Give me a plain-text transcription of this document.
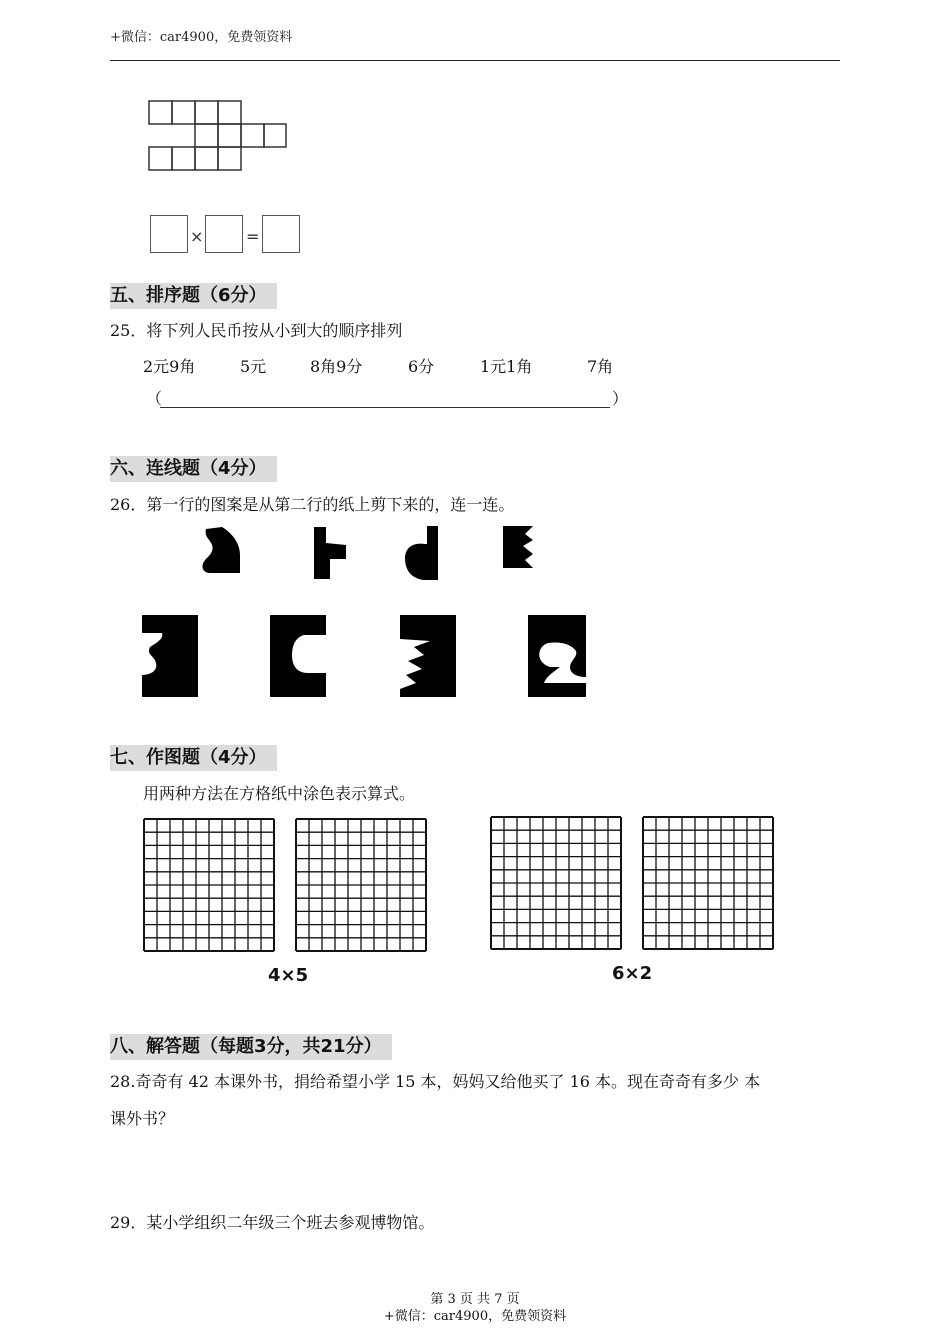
+微信：car4900，免费领资料
×	=
五、排序题（6分）
25．将下列人民币按从小到大的顺序排列
2元9角	5元	8角9分	6分	1元1角	7角
（	）
六、连线题（4分）
26．第一行的图案是从第二行的纸上剪下来的，连一连。
七、作图题（4分）
用两种方法在方格纸中涂色表示算式。
4×5	6×2
八、解答题（每题3分，共21分）
28.奇奇有 42 本课外书，捐给希望小学 15 本，妈妈又给他买了 16 本。现在奇奇有多少 本
课外书？
29．某小学组织二年级三个班去参观博物馆。
第 3 页 共 7 页
+微信：car4900，免费领资料
